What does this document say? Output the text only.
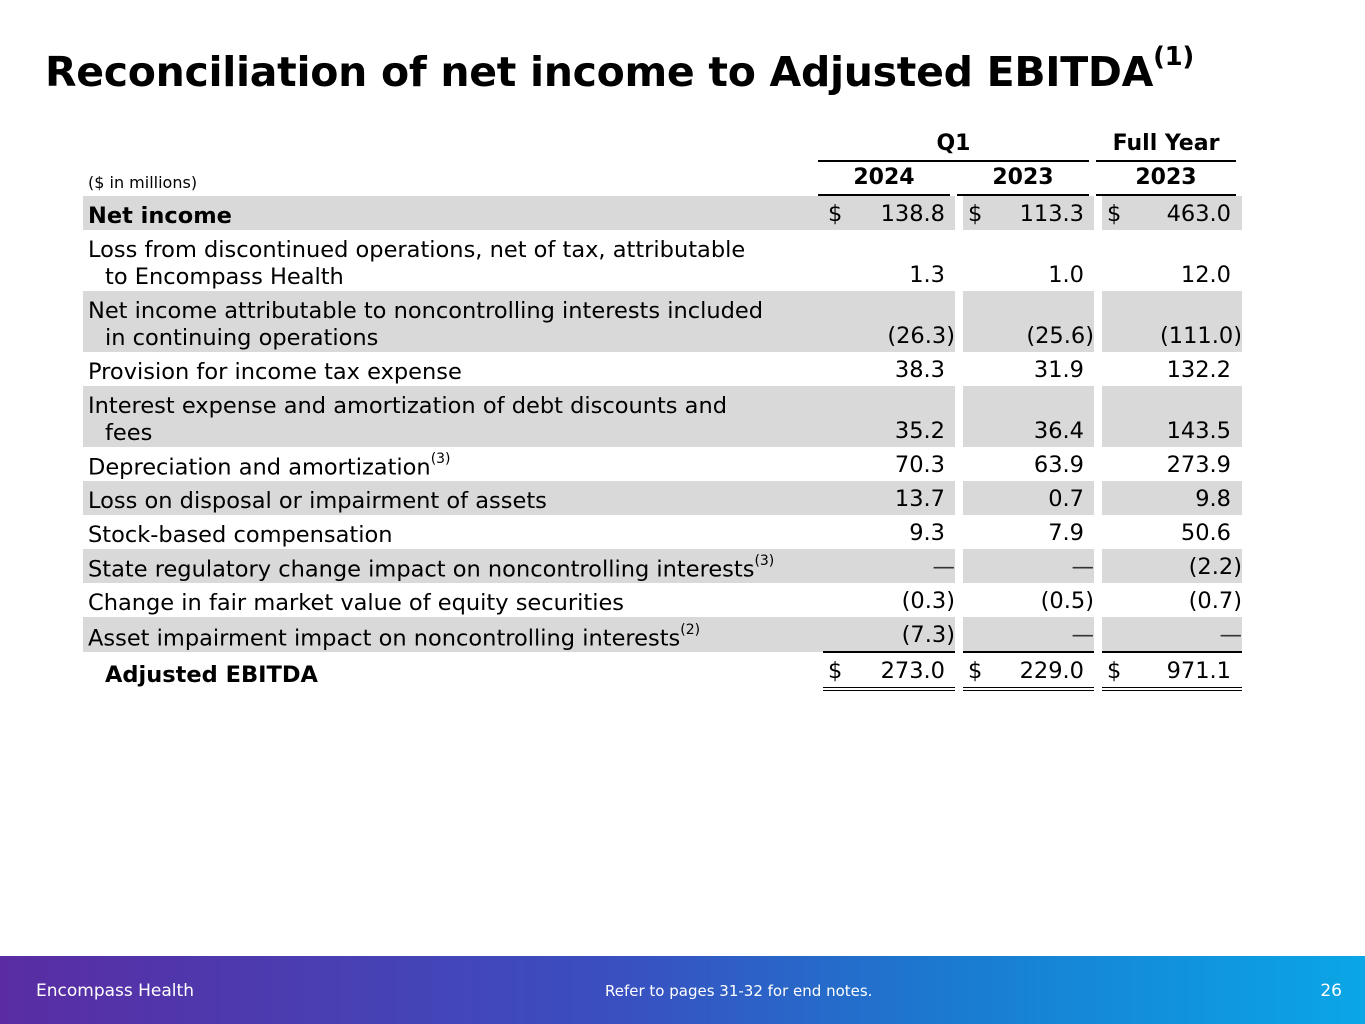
Reconciliation of net income to Adjusted EBITDA$^{(1)}$
Q1	Full Year
($ in millions)	2024	2023	2023
Net income	$ 138.8		$ 113.3		$ 463.0

Loss from discontinued operations, net of tax, attributable
to Encompass Health	1.3		1.0		12.0

Net income attributable to noncontrolling interests included
in continuing operations	(26.3)		(25.6)		(111.0)

Provision for income tax expense	38.3		31.9		132.2

Interest expense and amortization of debt discounts and
fees	35.2		36.4		143.5

Depreciation and amortization$^{(3)}$	70.3		63.9		273.9

Loss on disposal or impairment of assets	13.7		0.7		9.8

Stock-based compensation	9.3		7.9		50.6

State regulatory change impact on noncontrolling interests$^{(3)}$	—		—		(2.2)

Change in fair market value of equity securities	(0.3)		(0.5)		(0.7)

Asset impairment impact on noncontrolling interests$^{(2)}$	(7.3)		—		—

Adjusted EBITDA	$ 273.0		$ 229.0		$ 971.1
Encompass Health	Refer to pages 31-32 for end notes.	26
